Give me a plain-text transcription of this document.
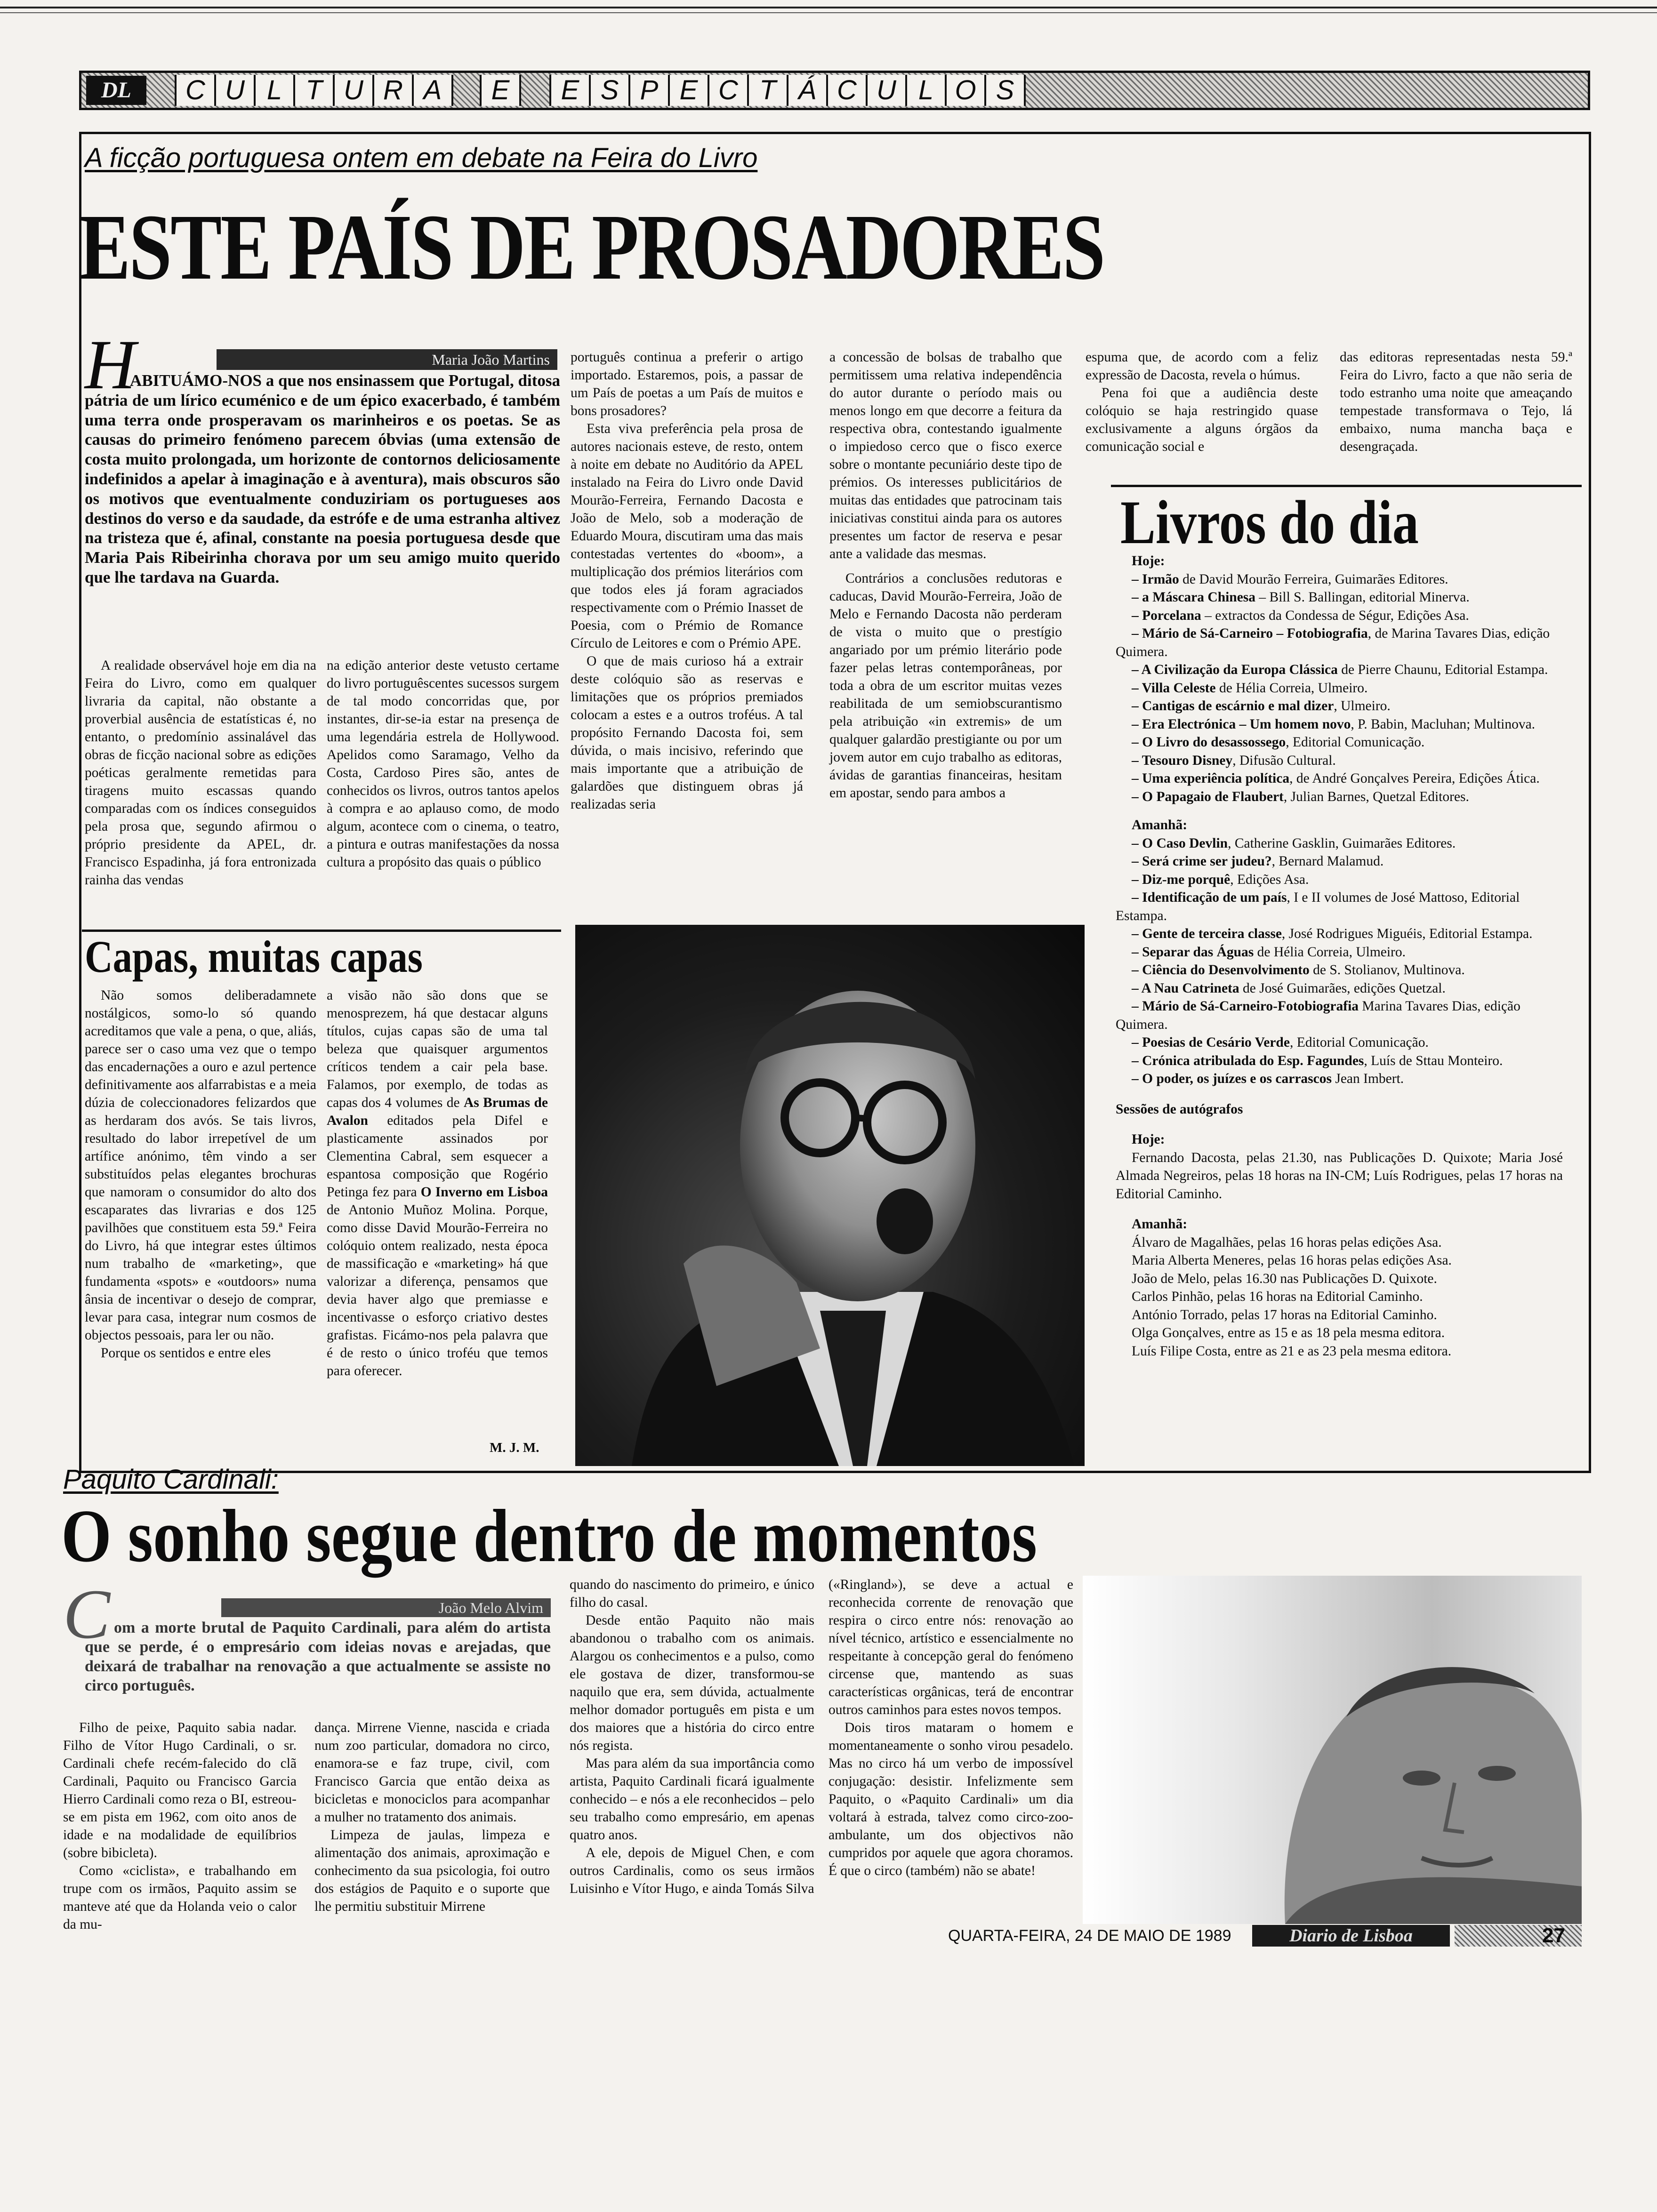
DL	C U L T U R A	E	E S P E C T Á C U L O S
A ficção portuguesa ontem em debate na Feira do Livro
ESTE PAÍS DE PROSADORES
H	Maria João Martins
ABITUÁMO-NOS a que nos ensinassem que Portugal, ditosa pátria de um lírico ecuménico e de um épico exacerbado, é também uma terra onde prosperavam os marinheiros e os poetas. Se as causas do primeiro fenómeno parecem óbvias (uma extensão de costa muito prolongada, um horizonte de contornos deliciosamente indefinidos a apelar à imaginação e à aventura), mais obscuros são os motivos que eventualmente conduziriam os portugueses aos destinos do verso e da saudade, da estrófe e de uma estranha altivez na tristeza que é, afinal, constante na poesia portuguesa desde que Maria Pais Ribeirinha chorava por um seu amigo muito querido que lhe tardava na Guarda.

A realidade observável hoje em dia na Feira do Livro, como em qualquer livraria da capital, não obstante a proverbial ausência de estatísticas é, no entanto, o predomínio assinalável das obras de ficção nacional sobre as edições poéticas geralmente remetidas para tiragens muito escassas quando comparadas com os índices conseguidos pela prosa que, segundo afirmou o próprio presidente da APEL, dr. Francisco Espadinha, já fora entronizada rainha das vendas

na edição anterior deste vetusto certame do livro portuguêscentes sucessos surgem de tal modo concorridas que, por instantes, dir-se-ia estar na presença de uma legendária estrela de Hollywood. Apelidos como Saramago, Velho da Costa, Cardoso Pires são, antes de conhecidos os livros, outros tantos apelos à compra e ao aplauso como, de modo algum, acontece com o cinema, o teatro, a pintura e outras manifestações da nossa cultura a propósito das quais o público

português continua a preferir o artigo importado. Estaremos, pois, a passar de um País de poetas a um País de muitos e bons prosadores?

Esta viva preferência pela prosa de autores nacionais esteve, de resto, ontem à noite em debate no Auditório da APEL instalado na Feira do Livro onde David Mourão-Ferreira, Fernando Dacosta e João de Melo, sob a moderação de Eduardo Moura, discutiram uma das mais contestadas vertentes do «boom», a multiplicação dos prémios literários com que todos eles já foram agraciados respectivamente com o Prémio Inasset de Poesia, com o Prémio de Romance Círculo de Leitores e com o Prémio APE.

O que de mais curioso há a extrair deste colóquio são as reservas e limitações que os próprios premiados colocam a estes e a outros troféus. A tal propósito Fernando Dacosta foi, sem dúvida, o mais incisivo, referindo que mais importante que a atribuição de galardões que distinguem obras já realizadas seria

a concessão de bolsas de trabalho que permitissem uma relativa independência do autor durante o período mais ou menos longo em que decorre a feitura da respectiva obra, contestando igualmente o impiedoso cerco que o fisco exerce sobre o montante pecuniário deste tipo de prémios. Os interesses publicitários de muitas das entidades que patrocinam tais iniciativas constitui ainda para os autores presentes um factor de reserva e pesar ante a validade das mesmas.

Contrários a conclusões redutoras e caducas, David Mourão-Ferreira, João de Melo e Fernando Dacosta não perderam de vista o muito que o prestígio angariado por um prémio literário pode fazer pelas letras contemporâneas, por toda a obra de um escritor muitas vezes reabilitada de um semiobscurantismo pela atribuição «in extremis» de um qualquer galardão prestigiante ou por um jovem autor em cujo trabalho as editoras, ávidas de garantias financeiras, hesitam em apostar, sendo para ambos a

espuma que, de acordo com a feliz expressão de Dacosta, revela o húmus.

Pena foi que a audiência deste colóquio se haja restringido quase exclusivamente a alguns órgãos da comunicação social e

das editoras representadas nesta 59.ª Feira do Livro, facto a que não seria de todo estranho uma noite que ameaçando tempestade transformava o Tejo, lá embaixo, numa mancha baça e desengraçada.

Capas, muitas capas

Não somos deliberadamnete nostálgicos, somo-lo só quando acreditamos que vale a pena, o que, aliás, parece ser o caso uma vez que o tempo das encadernações a ouro e azul pertence definitivamente aos alfarrabistas e a meia dúzia de coleccionadores felizardos que as herdaram dos avós. Se tais livros, resultado do labor irrepetível de um artífice anónimo, têm vindo a ser substituídos pelas elegantes brochuras que namoram o consumidor do alto dos escaparates das livrarias e dos 125 pavilhões que constituem esta 59.ª Feira do Livro, há que integrar estes últimos num trabalho de «marketing», que fundamenta «spots» e «outdoors» numa ânsia de incentivar o desejo de comprar, levar para casa, integrar num cosmos de objectos pessoais, para ler ou não.

Porque os sentidos e entre eles

a visão não são dons que se menosprezem, há que destacar alguns títulos, cujas capas são de uma tal beleza que quaisquer argumentos críticos tendem a cair pela base. Falamos, por exemplo, de todas as capas dos 4 volumes de As Brumas de Avalon editados pela Difel e plasticamente assinados por Clementina Cabral, sem esquecer a espantosa composição que Rogério Petinga fez para O Inverno em Lisboa de Antonio Muñoz Molina. Porque, como disse David Mourão-Ferreira no colóquio ontem realizado, nesta época de massificação e «marketing» há que valorizar a diferença, pensamos que devia haver algo que premiasse e incentivasse o esforço criativo destes grafistas. Ficámo-nos pela palavra que é de resto o único troféu que temos para oferecer.

M. J. M.
Livros do dia
Hoje:
– Irmão de David Mourão Ferreira, Guimarães Editores.
– a Máscara Chinesa – Bill S. Ballingan, editorial Minerva.
– Porcelana – extractos da Condessa de Ségur, Edições Asa.
– Mário de Sá-Carneiro – Fotobiografia, de Marina Tavares Dias, edição Quimera.
– A Civilização da Europa Clássica de Pierre Chaunu, Editorial Estampa.
– Villa Celeste de Hélia Correia, Ulmeiro.
– Cantigas de escárnio e mal dizer, Ulmeiro.
– Era Electrónica – Um homem novo, P. Babin, Macluhan; Multinova.
– O Livro do desassossego, Editorial Comunicação.
– Tesouro Disney, Difusão Cultural.
– Uma experiência política, de André Gonçalves Pereira, Edições Ática.
– O Papagaio de Flaubert, Julian Barnes, Quetzal Editores.
Amanhã:
– O Caso Devlin, Catherine Gasklin, Guimarães Editores.
– Será crime ser judeu?, Bernard Malamud.
– Diz-me porquê, Edições Asa.
– Identificação de um país, I e II volumes de José Mattoso, Editorial Estampa.
– Gente de terceira classe, José Rodrigues Miguéis, Editorial Estampa.
– Separar das Águas de Hélia Correia, Ulmeiro.
– Ciência do Desenvolvimento de S. Stolianov, Multinova.
– A Nau Catrineta de José Guimarães, edições Quetzal.
– Mário de Sá-Carneiro-Fotobiografia Marina Tavares Dias, edição Quimera.
– Poesias de Cesário Verde, Editorial Comunicação.
– Crónica atribulada do Esp. Fagundes, Luís de Sttau Monteiro.
– O poder, os juízes e os carrascos Jean Imbert.
Sessões de autógrafos
Hoje:
Fernando Dacosta, pelas 21.30, nas Publicações D. Quixote; Maria José Almada Negreiros, pelas 18 horas na IN-CM; Luís Rodrigues, pelas 17 horas na Editorial Caminho.
Amanhã:
Álvaro de Magalhães, pelas 16 horas pelas edições Asa.
Maria Alberta Meneres, pelas 16 horas pelas edições Asa.
João de Melo, pelas 16.30 nas Publicações D. Quixote.
Carlos Pinhão, pelas 16 horas na Editorial Caminho.
António Torrado, pelas 17 horas na Editorial Caminho.
Olga Gonçalves, entre as 15 e as 18 pela mesma editora.
Luís Filipe Costa, entre as 21 e as 23 pela mesma editora.
Paquito Cardinali:
O sonho segue dentro de momentos
C	João Melo Alvim
om a morte brutal de Paquito Cardinali, para além do artista que se perde, é o empresário com ideias novas e arejadas, que deixará de trabalhar na renovação a que actualmente se assiste no circo português.

Filho de peixe, Paquito sabia nadar. Filho de Vítor Hugo Cardinali, o sr. Cardinali chefe recém-falecido do clã Cardinali, Paquito ou Francisco Garcia Hierro Cardinali como reza o BI, estreou-se em pista em 1962, com oito anos de idade e na modalidade de equilíbrios (sobre bibicleta).

Como «ciclista», e trabalhando em trupe com os irmãos, Paquito assim se manteve até que da Holanda veio o calor da mu-

dança. Mirrene Vienne, nascida e criada num zoo particular, domadora no circo, enamora-se e faz trupe, civil, com Francisco Garcia que então deixa as bicicletas e monociclos para acompanhar a mulher no tratamento dos animais.

Limpeza de jaulas, limpeza e alimentação dos animais, aproximação e conhecimento da sua psicologia, foi outro dos estágios de Paquito e o suporte que lhe permitiu substituir Mirrene

quando do nascimento do primeiro, e único filho do casal.

Desde então Paquito não mais abandonou o trabalho com os animais. Alargou os conhecimentos e a pulso, como ele gostava de dizer, transformou-se naquilo que era, sem dúvida, actualmente melhor domador português em pista e um dos maiores que a história do circo entre nós regista.

Mas para além da sua importância como artista, Paquito Cardinali ficará igualmente conhecido – e nós a ele reconhecidos – pelo seu trabalho como empresário, em apenas quatro anos.

A ele, depois de Miguel Chen, e com outros Cardinalis, como os seus irmãos Luisinho e Vítor Hugo, e ainda Tomás Silva

(«Ringland»), se deve a actual e reconhecida corrente de renovação que respira o circo entre nós: renovação ao nível técnico, artístico e essencialmente no respeitante à concepção geral do fenómeno circense que, mantendo as suas características orgânicas, terá de encontrar outros caminhos para estes novos tempos.

Dois tiros mataram o homem e momentaneamente o sonho virou pesadelo. Mas no circo há um verbo de impossível conjugação: desistir. Infelizmente sem Paquito, o «Paquito Cardinali» um dia voltará à estrada, talvez como circo-zoo-ambulante, um dos objectivos não cumpridos por aquele que agora choramos. É que o circo (também) não se abate!

QUARTA-FEIRA, 24 DE MAIO DE 1989	Diario de Lisboa	27
